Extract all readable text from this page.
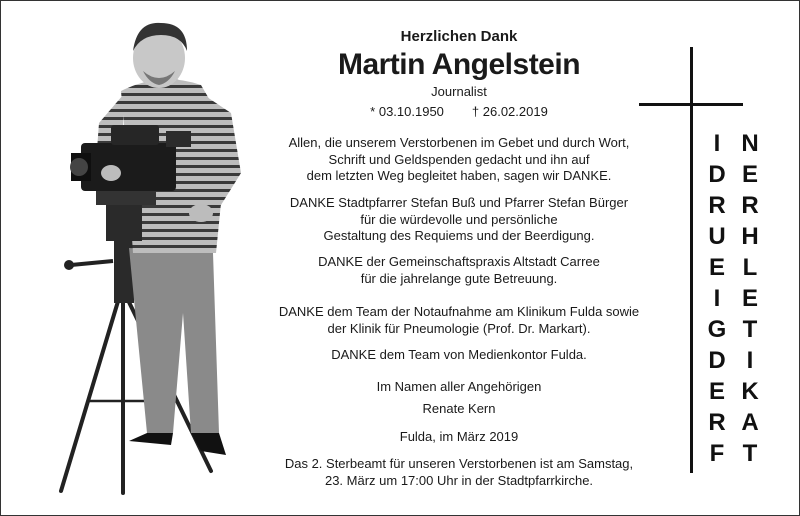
Herzlichen Dank
Martin Angelstein
Journalist
* 03.10.1950 † 26.02.2019
Allen, die unserem Verstorbenen im Gebet und durch Wort,
Schrift und Geldspenden gedacht und ihn auf
dem letzten Weg begleitet haben, sagen wir DANKE.
DANKE Stadtpfarrer Stefan Buß und Pfarrer Stefan Bürger
für die würdevolle und persönliche
Gestaltung des Requiems und der Beerdigung.
DANKE der Gemeinschaftspraxis Altstadt Carree
für die jahrelange gute Betreuung.
DANKE dem Team der Notaufnahme am Klinikum Fulda sowie
der Klinik für Pneumologie (Prof. Dr. Markart).
DANKE dem Team von Medienkontor Fulda.
Im Namen aller Angehörigen
Renate Kern
Fulda, im März 2019
Das 2. Sterbeamt für unseren Verstorbenen ist am Samstag,
23. März um 17:00 Uhr in der Stadtpfarrkirche.
I
D
R
U
E
I
G
D
E
R
F
N
E
R
H
L
E
T
I
K
A
T
